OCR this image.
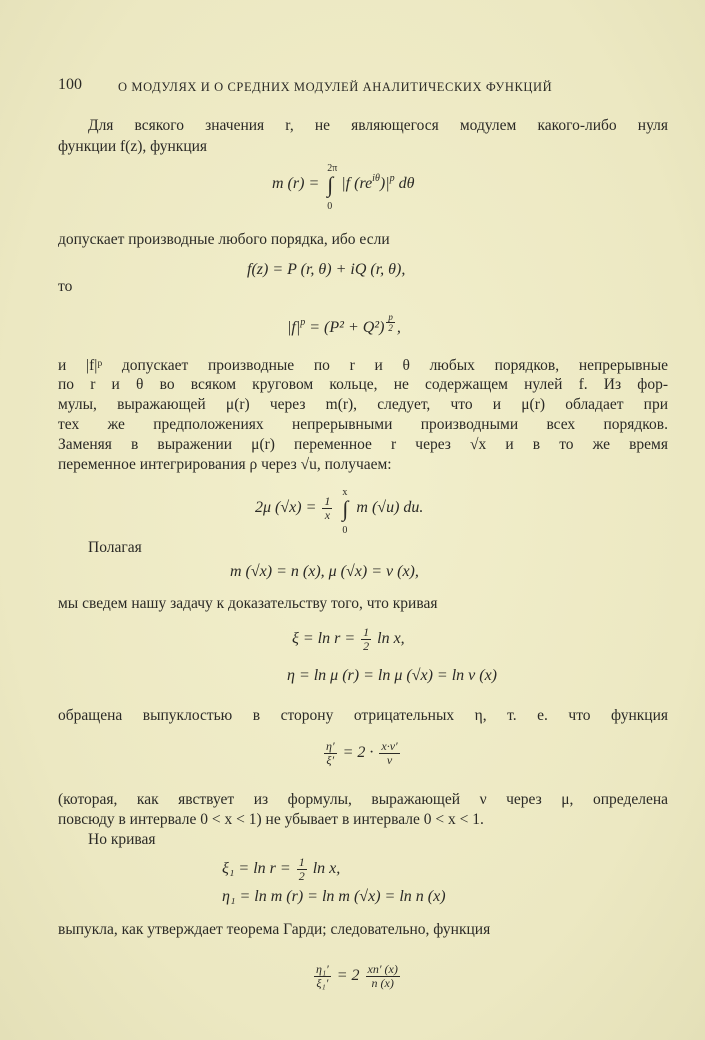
100	О МОДУЛЯХ И О СРЕДНИХ МОДУЛЕЙ АНАЛИТИЧЕСКИХ ФУНКЦИЙ
Для всякого значения r, не являющегося модулем какого-либо нуля
функции f(z), функция
m (r) = ∫
2π
0
|f $(re^{i\theta})|^p$ dθ
допускает производные любого порядка, ибо если
f(z) = P (r, θ) + iQ (r, θ),
то
$|f|^p = (P^2 + Q^2) \frac{p}{2}$ ,
и |f|ᵖ допускает производные по r и θ любых порядков, непрерывные
по r и θ во всяком круговом кольце, не содержащем нулей f. Из фор-
мулы, выражающей μ(r) через m(r), следует, что и μ(r) обладает при
тех же предположениях непрерывными производными всех порядков.
Заменяя в выражении μ(r) переменное r через √x и в то же время
переменное интегрирования ρ через √u, получаем:
2μ $(√x) = \frac{1}{x}$ ∫
x
0
m (√u) du.
Полагая
m (√x) = n (x), μ (√x) = ν (x),
мы сведем нашу задачу к доказательству того, что кривая
$\xi = \ln r = \frac{1}{2}$ ln x,
η = ln μ (r) = ln μ (√x) = ln ν (x)
обращена выпуклостью в сторону отрицательных η, т. е. что функция
$\frac{\eta'}{\xi'} = 2 \cdot \frac{x\cdot\nu'}{\nu}$
(которая, как явствует из формулы, выражающей ν через μ, определена
повсюду в интервале 0 < x < 1) не убывает в интервале 0 < x < 1.
Но кривая
$\xi_1 = \ln r = \frac{1}{2}$ ln x,
η₁ = ln m (r) = ln m (√x) = ln n (x)
выпукла, как утверждает теорема Гарди; следовательно, функция
$\frac{\text{η₁′}}{\text{ξ₁′}} = 2 \frac{xn' (x)}{n (x)}$
